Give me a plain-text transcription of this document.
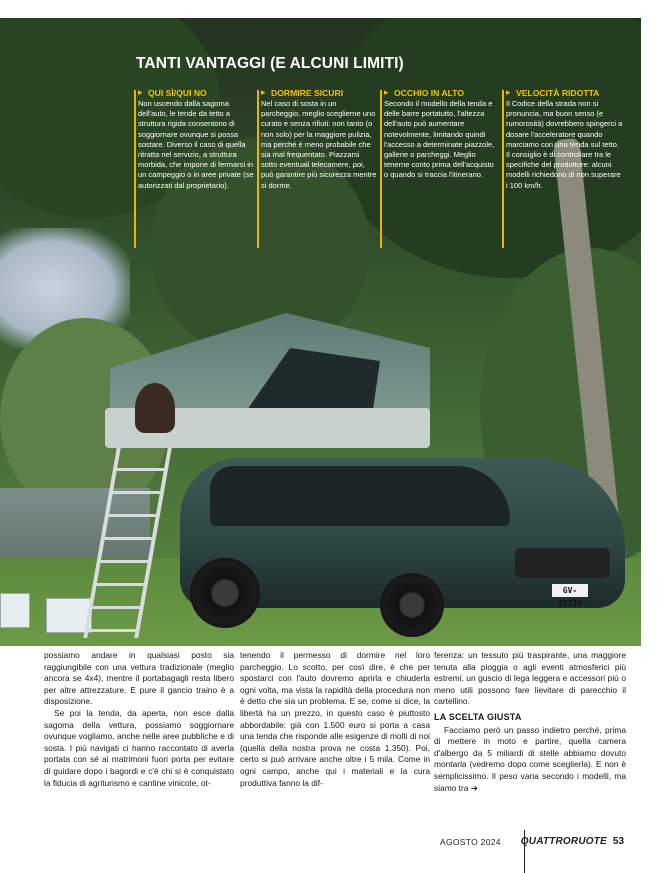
GV-377JX
TANTI VANTAGGI (E ALCUNI LIMITI)
▸ QUI SÌ/QUI NO
Non uscendo dalla sagoma dell'auto, le tende da tetto a struttura rigida consentono di soggiornare ovunque si possa sostare. Diverso il caso di quella ritratta nel servizio, a struttura morbida, che impone di fermarsi in un campeggio o in aree private (se autorizzati dal proprietario).
▸ DORMIRE SICURI
Nel caso di sosta in un parcheggio, meglio sceglierne uno curato e senza rifiuti: non tanto (o non solo) per la maggiore pulizia, ma perché è meno probabile che sia mal frequentato. Piazzarsi sotto eventuali telecamere, poi, può garantire più sicurezza mentre si dorme.
▸ OCCHIO IN ALTO
Secondo il modello della tenda e delle barre portatutto, l'altezza dell'auto può aumentare notevolmente, limitando quindi l'accesso a determinate piazzole, gallerie o parcheggi. Meglio tenerne conto prima dell'acquisto o quando si traccia l'itinerario.
▸ VELOCITÀ RIDOTTA
Il Codice della strada non si pronuncia, ma buon senso (e rumorosità) dovrebbero spingerci a dosare l'acceleratore quando marciamo con una tenda sul tetto. Il consiglio è di controllare tra le specifiche del produttore: alcuni modelli richiedono di non superare i 100 km/h.

possiamo andare in qualsiasi posto sia raggiungibile con una vettura tradizionale (meglio ancora se 4x4), mentre il portabagagli resta libero per altre attrezzature. E pure il gancio traino è a disposizione.

Se poi la tenda, da aperta, non esce dalla sagoma della vettura, possiamo soggiornare ovunque vogliamo, anche nelle aree pubbliche e di sosta. I più navigati ci hanno raccontato di averla portata con sé ai matrimoni fuori porta per evitare di guidare dopo i bagordi e c'è chi si è conquistato la fiducia di agriturismo e cantine vinicole, ot-

tenendo il permesso di dormire nel loro parcheggio. Lo scotto, per così dire, è che per spostarci con l'auto dovremo aprirla e chiuderla ogni volta, ma vista la rapidità della procedura non è detto che sia un problema. E se, come si dice, la libertà ha un prezzo, in questo caso è piuttosto abbordabile: già con 1.500 euro si porta a casa una tenda che risponde alle esigenze di molti di noi (quella della nostra prova ne costa 1.350). Poi, certo si può arrivare anche oltre i 5 mila. Come in ogni campo, anche qui i materiali e la cura produttiva fanno la dif-

ferenza: un tessuto più traspirante, una maggiore tenuta alla pioggia o agli eventi atmosferici più estremi, un guscio di lega leggera e accessori più o meno utili possono fare lievitare di parecchio il cartellino.

LA SCELTA GIUSTA

Facciamo però un passo indietro perché, prima di mettere in moto e partire, quella camera d'albergo da 5 miliardi di stelle abbiamo dovuto montarla (vedremo dopo come sceglierla). E non è semplicissimo. Il peso varia secondo i modelli, ma siamo tra ➜

AGOSTO 2024 QUATTRORUOTE 53
